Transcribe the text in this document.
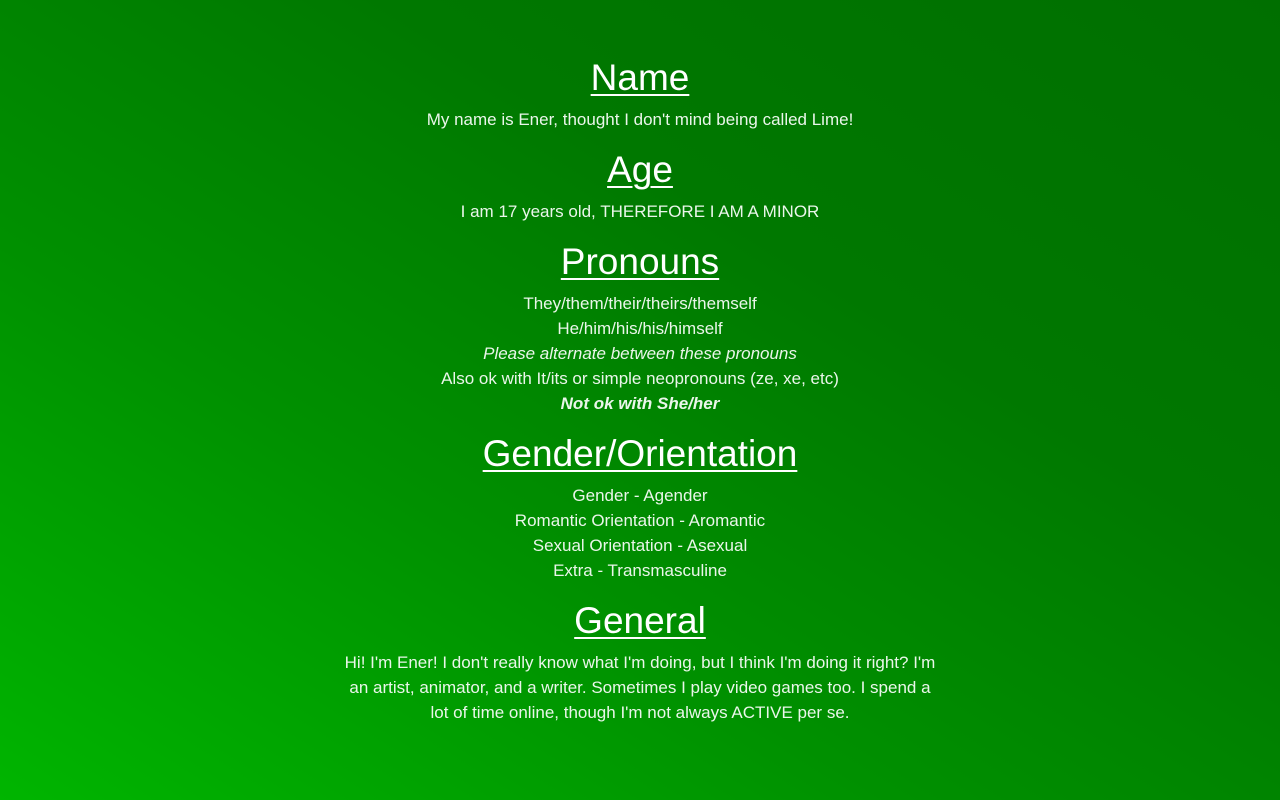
Name

My name is Ener, thought I don't mind being called Lime!

Age

I am 17 years old, THEREFORE I AM A MINOR

Pronouns

They/them/their/theirs/themself

He/him/his/his/himself

Please alternate between these pronouns

Also ok with It/its or simple neopronouns (ze, xe, etc)

Not ok with She/her

Gender/Orientation

Gender - Agender

Romantic Orientation - Aromantic

Sexual Orientation - Asexual

Extra - Transmasculine

General

Hi! I'm Ener! I don't really know what I'm doing, but I think I'm doing it right? I'm an artist, animator, and a writer. Sometimes I play video games too. I spend a lot of time online, though I'm not always ACTIVE per se.
